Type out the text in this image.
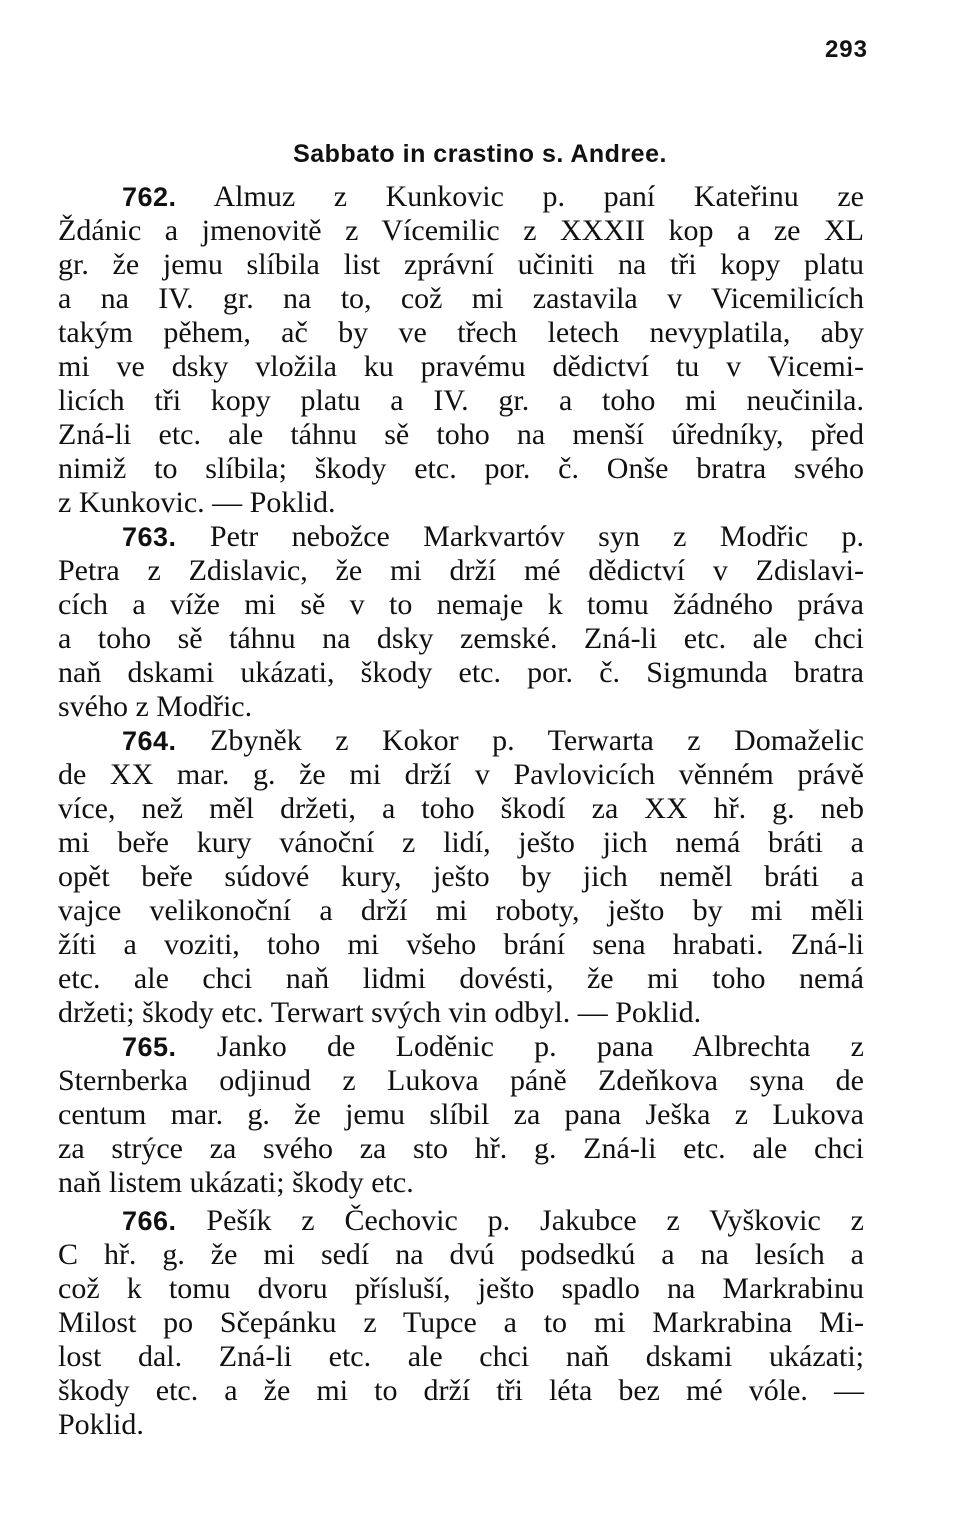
293
Sabbato in crastino s. Andree.
762. Almuz z Kunkovic p. paní Kateřinu ze
Ždánic a jmenovitě z Vícemilic z XXXII kop a ze XL
gr. že jemu slíbila list zprávní učiniti na tři kopy platu
a na IV. gr. na to, což mi zastavila v Vicemilicích
takým pěhem, ač by ve třech letech nevyplatila, aby
mi ve dsky vložila ku pravému dědictví tu v Vicemi-
licích tři kopy platu a IV. gr. a toho mi neučinila.
Zná-li etc. ale táhnu sě toho na menší úředníky, před
nimiž to slíbila; škody etc. por. č. Onše bratra svého
z Kunkovic. — Poklid.
763. Petr nebožce Markvartóv syn z Modřic p.
Petra z Zdislavic, že mi drží mé dědictví v Zdislavi-
cích a víže mi sě v to nemaje k tomu žádného práva
a toho sě táhnu na dsky zemské. Zná-li etc. ale chci
naň dskami ukázati, škody etc. por. č. Sigmunda bratra
svého z Modřic.
764. Zbyněk z Kokor p. Terwarta z Domaželic
de XX mar. g. že mi drží v Pavlovicích věnném právě
více, než měl držeti, a toho škodí za XX hř. g. neb
mi beře kury vánoční z lidí, ješto jich nemá bráti a
opět beře súdové kury, ješto by jich neměl bráti a
vajce velikonoční a drží mi roboty, ješto by mi měli
žíti a voziti, toho mi všeho brání sena hrabati. Zná-li
etc. ale chci naň lidmi dovésti, že mi toho nemá
držeti; škody etc. Terwart svých vin odbyl. — Poklid.
765. Janko de Loděnic p. pana Albrechta z
Sternberka odjinud z Lukova páně Zdeňkova syna de
centum mar. g. že jemu slíbil za pana Ješka z Lukova
za strýce za svého za sto hř. g. Zná-li etc. ale chci
naň listem ukázati; škody etc.
766. Pešík z Čechovic p. Jakubce z Vyškovic z
C hř. g. že mi sedí na dvú podsedkú a na lesích a
což k tomu dvoru přísluší, ješto spadlo na Markrabinu
Milost po Sčepánku z Tupce a to mi Markrabina Mi-
lost dal. Zná-li etc. ale chci naň dskami ukázati;
škody etc. a že mi to drží tři léta bez mé vóle. —
Poklid.
